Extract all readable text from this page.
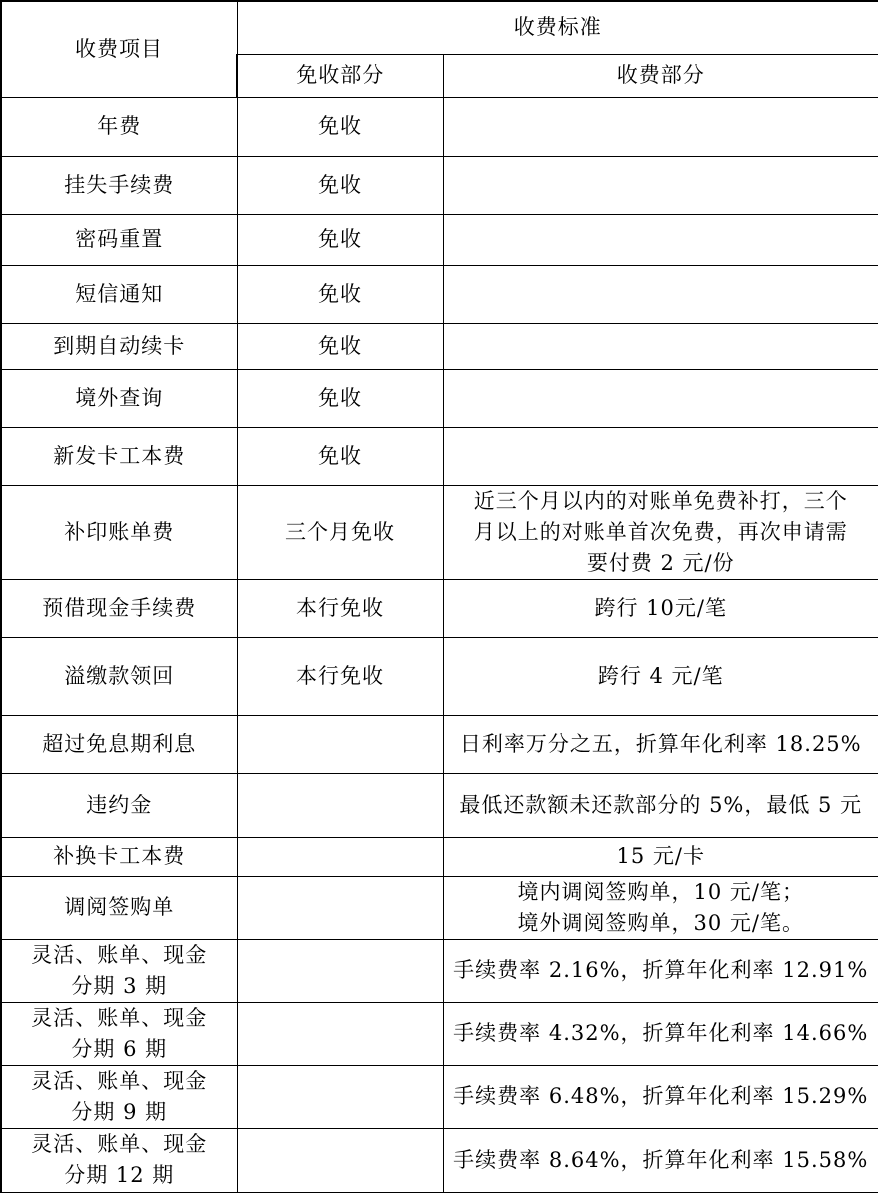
收费项目	收费标准	
	免收部分	收费部分
年费	免收	
挂失手续费	免收	
密码重置	免收	
短信通知	免收	
到期自动续卡	免收	
境外查询	免收	
新发卡工本费	免收	
补印账单费	三个月免收	近三个月以内的对账单免费补打，三个
月以上的对账单首次免费，再次申请需
要付费 2 元/份
预借现金手续费	本行免收	跨行 10元/笔
溢缴款领回	本行免收	跨行 4 元/笔
超过免息期利息		日利率万分之五，折算年化利率 18.25%
违约金		最低还款额未还款部分的 5%，最低 5 元
补换卡工本费		15 元/卡
调阅签购单		境内调阅签购单，10 元/笔；
境外调阅签购单，30 元/笔。
灵活、账单、现金
分期 3 期		手续费率 2.16%，折算年化利率 12.91%
灵活、账单、现金
分期 6 期		手续费率 4.32%，折算年化利率 14.66%
灵活、账单、现金
分期 9 期		手续费率 6.48%，折算年化利率 15.29%
灵活、账单、现金
分期 12 期		手续费率 8.64%，折算年化利率 15.58%
